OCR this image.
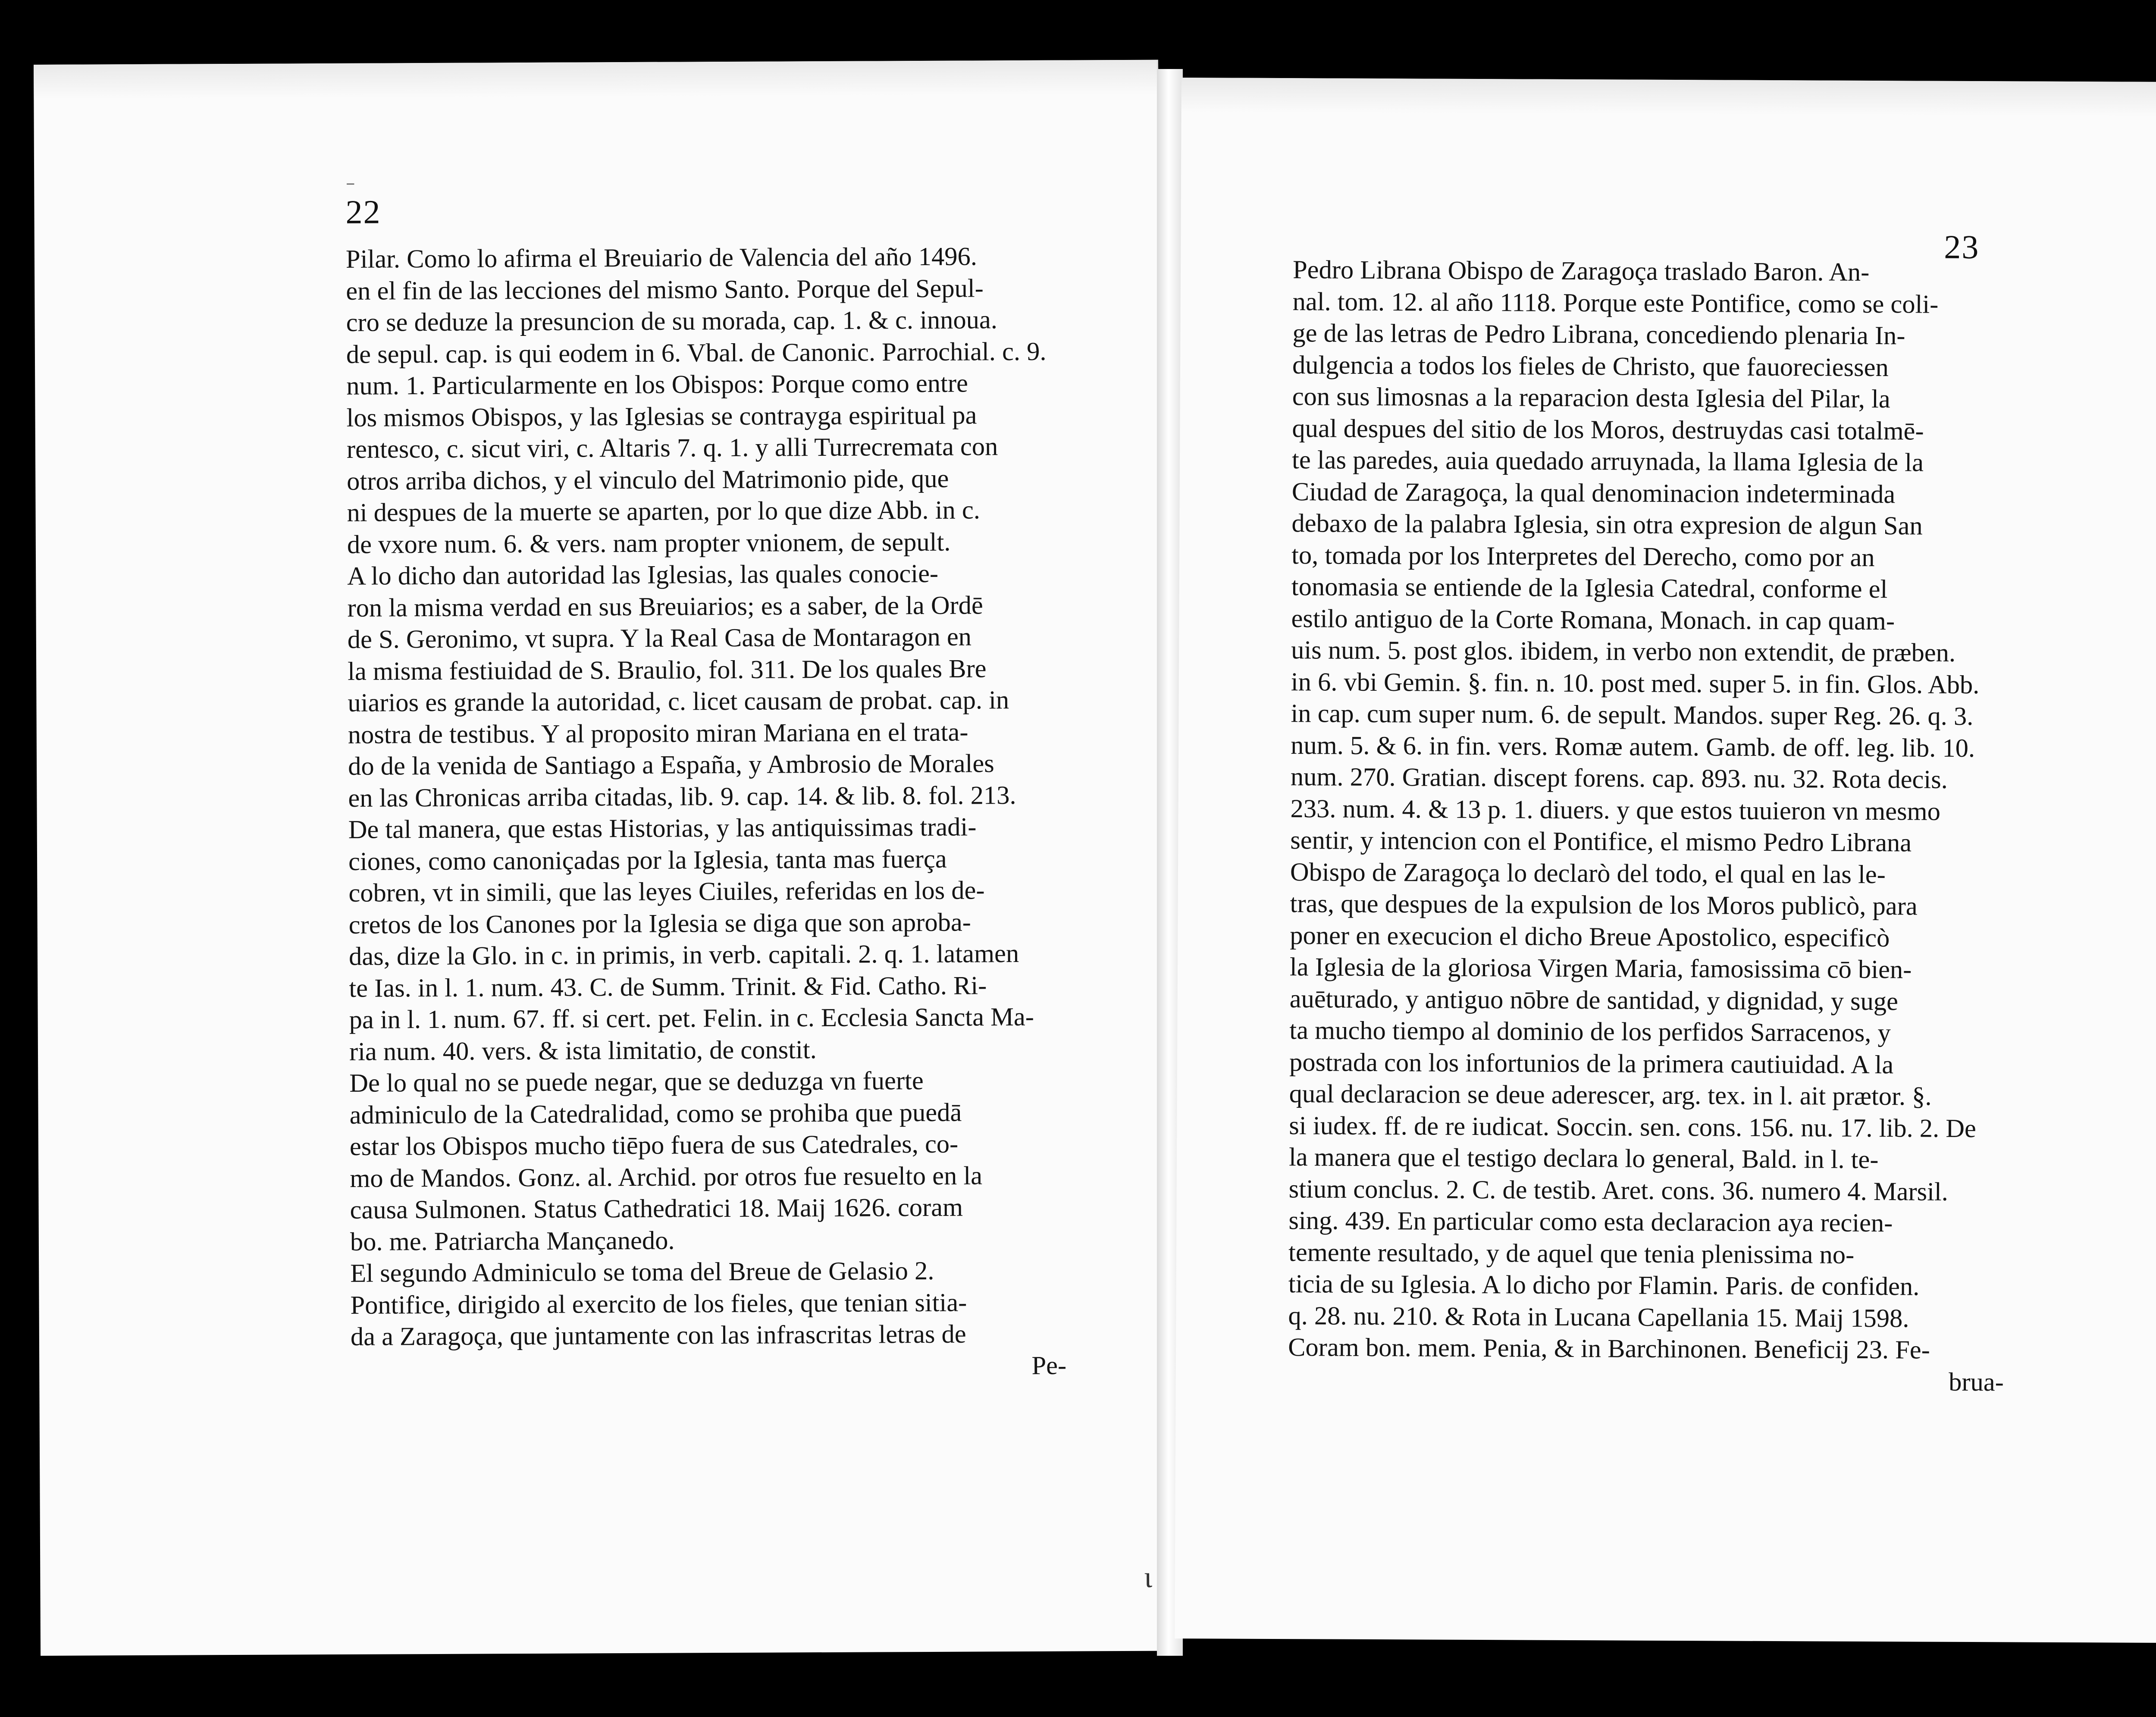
22
⁻
Pilar. Como lo afirma el Breuiario de Valencia del año 1496.
en el fin de las lecciones del mismo Santo. Porque del Sepul-
cro se deduze la presuncion de su morada, cap. 1. & c. innoua.
de sepul. cap. is qui eodem in 6. Vbal. de Canonic. Parrochial. c. 9.
num. 1. Particularmente en los Obispos: Porque como entre
los mismos Obispos, y las Iglesias se contrayga espiritual pa
rentesco, c. sicut viri, c. Altaris 7. q. 1. y alli Turrecremata con
otros arriba dichos, y el vinculo del Matrimonio pide, que
ni despues de la muerte se aparten, por lo que dize Abb. in c.
de vxore num. 6. & vers. nam propter vnionem, de sepult.
A lo dicho dan autoridad las Iglesias, las quales conocie-
ron la misma verdad en sus Breuiarios; es a saber, de la Ordē
de S. Geronimo, vt supra. Y la Real Casa de Montaragon en
la misma festiuidad de S. Braulio, fol. 311. De los quales Bre
uiarios es grande la autoridad, c. licet causam de probat. cap. in
nostra de testibus. Y al proposito miran Mariana en el trata-
do de la venida de Santiago a España, y Ambrosio de Morales
en las Chronicas arriba citadas, lib. 9. cap. 14. & lib. 8. fol. 213.
De tal manera, que estas Historias, y las antiquissimas tradi-
ciones, como canoniçadas por la Iglesia, tanta mas fuerça
cobren, vt in simili, que las leyes Ciuiles, referidas en los de-
cretos de los Canones por la Iglesia se diga que son aproba-
das, dize la Glo. in c. in primis, in verb. capitali. 2. q. 1. latamen
te Ias. in l. 1. num. 43. C. de Summ. Trinit. & Fid. Catho. Ri-
pa in l. 1. num. 67. ff. si cert. pet. Felin. in c. Ecclesia Sancta Ma-
ria num. 40. vers. & ista limitatio, de constit.
De lo qual no se puede negar, que se deduzga vn fuerte
adminiculo de la Catedralidad, como se prohiba que puedā
estar los Obispos mucho tiēpo fuera de sus Catedrales, co-
mo de Mandos. Gonz. al. Archid. por otros fue resuelto en la
causa Sulmonen. Status Cathedratici 18. Maij 1626. coram
bo. me. Patriarcha Mançanedo.
El segundo Adminiculo se toma del Breue de Gelasio 2.
Pontifice, dirigido al exercito de los fieles, que tenian sitia-
da a Zaragoça, que juntamente con las infrascritas letras de
Pe-
ι
23
Pedro Librana Obispo de Zaragoça traslado Baron. An-
nal. tom. 12. al año 1118. Porque este Pontifice, como se coli-
ge de las letras de Pedro Librana, concediendo plenaria In-
dulgencia a todos los fieles de Christo, que fauoreciessen
con sus limosnas a la reparacion desta Iglesia del Pilar, la
qual despues del sitio de los Moros, destruydas casi totalmē-
te las paredes, auia quedado arruynada, la llama Iglesia de la
Ciudad de Zaragoça, la qual denominacion indeterminada
debaxo de la palabra Iglesia, sin otra expresion de algun San
to, tomada por los Interpretes del Derecho, como por an
tonomasia se entiende de la Iglesia Catedral, conforme el
estilo antiguo de la Corte Romana, Monach. in cap quam-
uis num. 5. post glos. ibidem, in verbo non extendit, de præben.
in 6. vbi Gemin. §. fin. n. 10. post med. super 5. in fin. Glos. Abb.
in cap. cum super num. 6. de sepult. Mandos. super Reg. 26. q. 3.
num. 5. & 6. in fin. vers. Romæ autem. Gamb. de off. leg. lib. 10.
num. 270. Gratian. discept forens. cap. 893. nu. 32. Rota decis.
233. num. 4. & 13 p. 1. diuers. y que estos tuuieron vn mesmo
sentir, y intencion con el Pontifice, el mismo Pedro Librana
Obispo de Zaragoça lo declarò del todo, el qual en las le-
tras, que despues de la expulsion de los Moros publicò, para
poner en execucion el dicho Breue Apostolico, especificò
la Iglesia de la gloriosa Virgen Maria, famosissima cō bien-
auēturado, y antiguo nōbre de santidad, y dignidad, y suge
ta mucho tiempo al dominio de los perfidos Sarracenos, y
postrada con los infortunios de la primera cautiuidad. A la
qual declaracion se deue aderescer, arg. tex. in l. ait prætor. §.
si iudex. ff. de re iudicat. Soccin. sen. cons. 156. nu. 17. lib. 2. De
la manera que el testigo declara lo general, Bald. in l. te-
stium conclus. 2. C. de testib. Aret. cons. 36. numero 4. Marsil.
sing. 439. En particular como esta declaracion aya recien-
temente resultado, y de aquel que tenia plenissima no-
ticia de su Iglesia. A lo dicho por Flamin. Paris. de confiden.
q. 28. nu. 210. & Rota in Lucana Capellania 15. Maij 1598.
Coram bon. mem. Penia, & in Barchinonen. Beneficij 23. Fe-
brua-
